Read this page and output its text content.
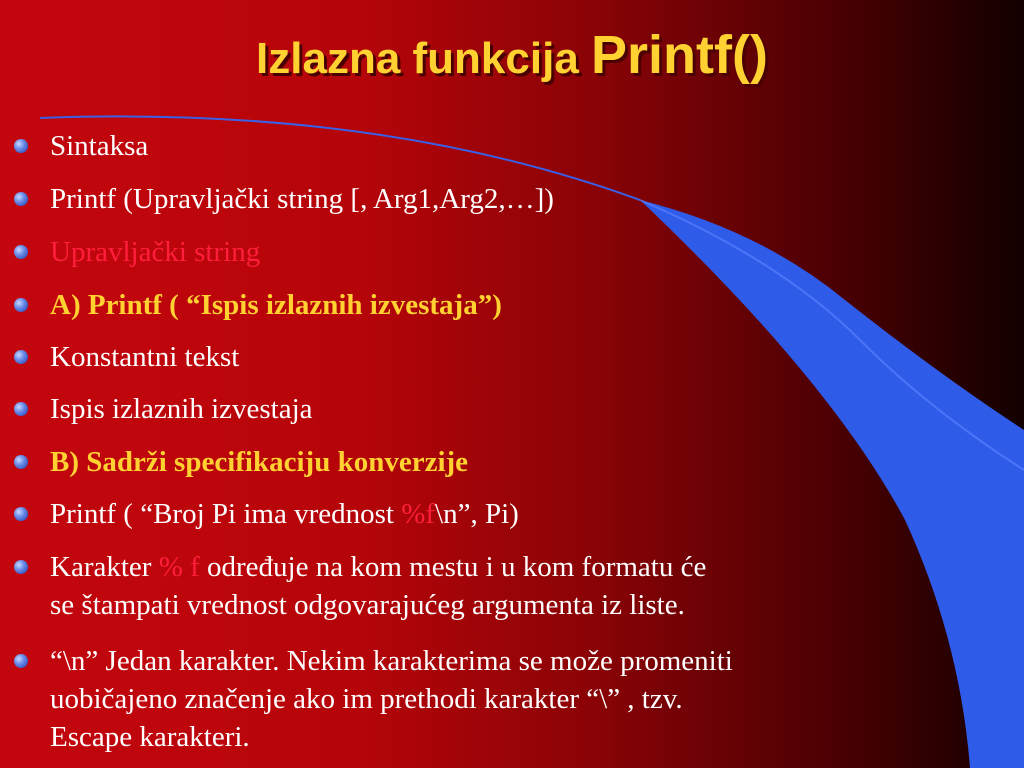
Izlazna funkcija Printf()
Sintaksa
Printf (Upravljački string [, Arg1,Arg2,…])
Upravljački string
A) Printf ( “Ispis izlaznih izvestaja”)
Konstantni tekst
Ispis izlaznih izvestaja
B) Sadrži specifikaciju konverzije
Printf ( “Broj Pi ima vrednost %f\n”, Pi)
Karakter % f određuje na kom mestu i u kom formatu će
se štampati vrednost odgovarajućeg argumenta iz liste.
“\n” Jedan karakter. Nekim karakterima se može promeniti
uobičajeno značenje ako im prethodi karakter “\” , tzv.
Escape karakteri.
